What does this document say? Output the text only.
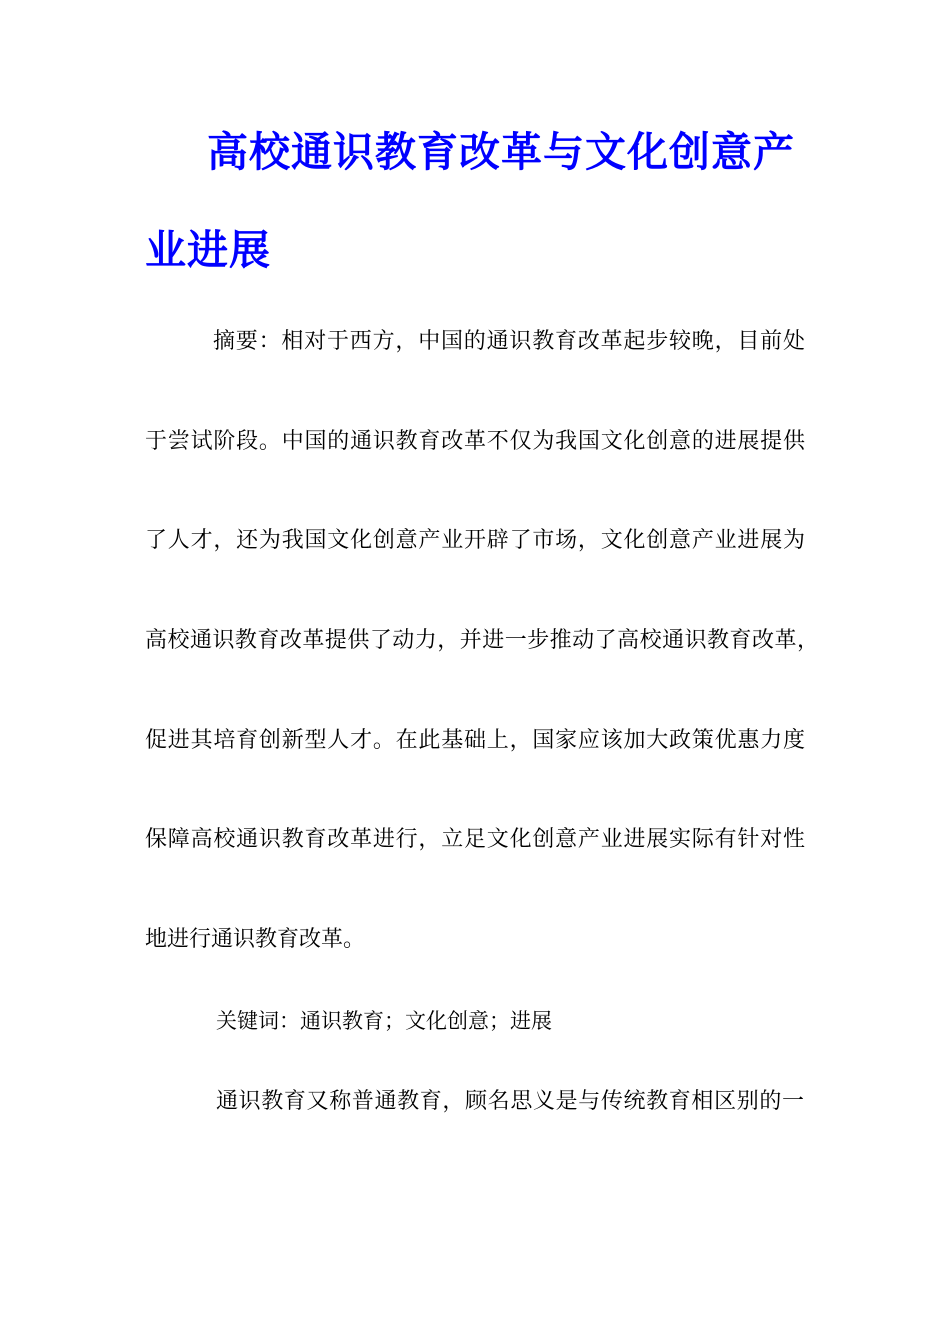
高校通识教育改革与文化创意产
业进展
摘要：相对于西方，中国的通识教育改革起步较晚，目前处
于尝试阶段。中国的通识教育改革不仅为我国文化创意的进展提供
了人才，还为我国文化创意产业开辟了市场，文化创意产业进展为
高校通识教育改革提供了动力，并进一步推动了高校通识教育改革，
促进其培育创新型人才。在此基础上，国家应该加大政策优惠力度
保障高校通识教育改革进行，立足文化创意产业进展实际有针对性
地进行通识教育改革。
关键词：通识教育；文化创意；进展
通识教育又称普通教育，顾名思义是与传统教育相区别的一
